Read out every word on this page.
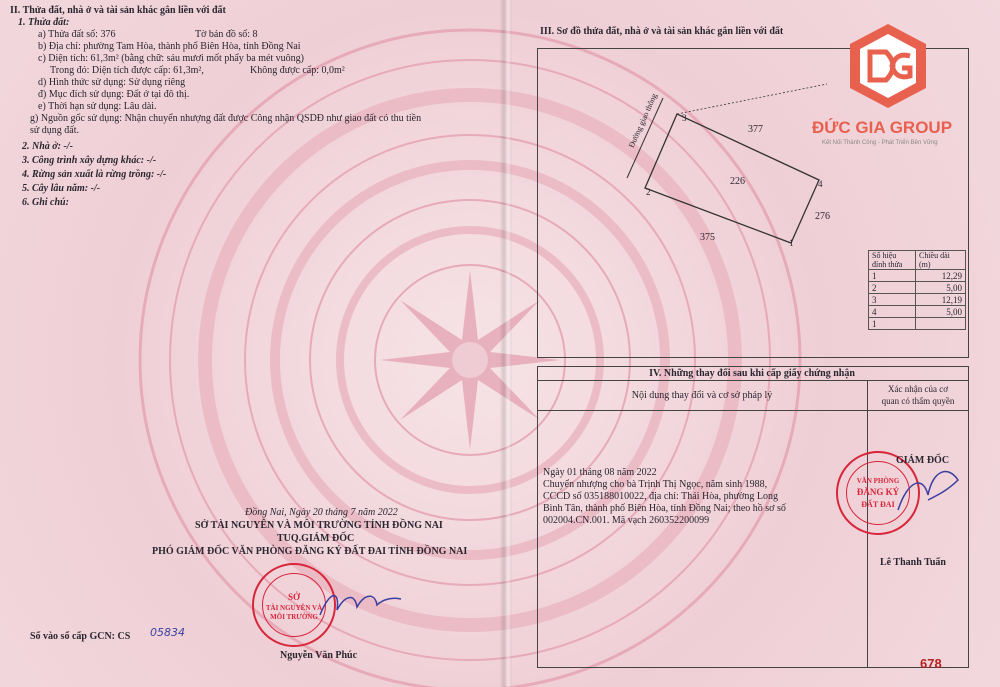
II. Thửa đất, nhà ở và tài sản khác gắn liền với đất
1. Thửa đất:
a) Thửa đất số: 376	Tờ bản đồ số: 8
b) Địa chỉ: phường Tam Hòa, thành phố Biên Hòa, tỉnh Đồng Nai
c) Diện tích: 61,3m² (bằng chữ: sáu mươi mốt phẩy ba mét vuông)
Trong đó: Diện tích được cấp: 61,3m²,	Không được cấp: 0,0m²
d) Hình thức sử dụng: Sử dụng riêng
đ) Mục đích sử dụng: Đất ở tại đô thị.
e) Thời hạn sử dụng: Lâu dài.
g) Nguồn gốc sử dụng: Nhận chuyển nhượng đất được Công nhận QSDĐ như giao đất có thu tiền
sử dụng đất.
2. Nhà ở: -/-
3. Công trình xây dựng khác: -/-
4. Rừng sản xuất là rừng trồng: -/-
5. Cây lâu năm: -/-
6. Ghi chú:
Đồng Nai, Ngày 20 tháng 7 năm 2022
SỞ TÀI NGUYÊN VÀ MÔI TRƯỜNG TỈNH ĐỒNG NAI
TUQ.GIÁM ĐỐC
PHÓ GIÁM ĐỐC VĂN PHÒNG ĐĂNG KÝ ĐẤT ĐAI TỈNH ĐỒNG NAI
SỞ
TÀI NGUYÊN VÀ
MÔI TRƯỜNG
Nguyễn Văn Phúc
Số vào sổ cấp GCN: CS 05834
III. Sơ đồ thửa đất, nhà ở và tài sản khác gắn liền với đất
Đường giao thông	377
226
276
375	1
2
3
4
Số hiệu đỉnh thửa	Chiều dài (m)
1	12,29
2	5,00
3	12,19
4	5,00
1	
IV. Những thay đổi sau khi cấp giấy chứng nhận
Nội dung thay đổi và cơ sở pháp lý
Xác nhận của cơ
quan có thẩm quyền
Ngày 01 tháng 08 năm 2022
Chuyển nhượng cho bà Trịnh Thị Ngọc, năm sinh 1988,
CCCD số 035188010022, địa chỉ: Thái Hòa, phường Long
Bình Tân, thành phố Biên Hòa, tỉnh Đồng Nai; theo hồ sơ số
002004.CN.001. Mã vạch 260352200099
VĂN PHÒNG
ĐĂNG KÝ
ĐẤT ĐAI
GIÁM ĐỐC
Lê Thanh Tuấn
678
ĐỨC GIA GROUP
Kết Nối Thành Công - Phát Triển Bền Vững
